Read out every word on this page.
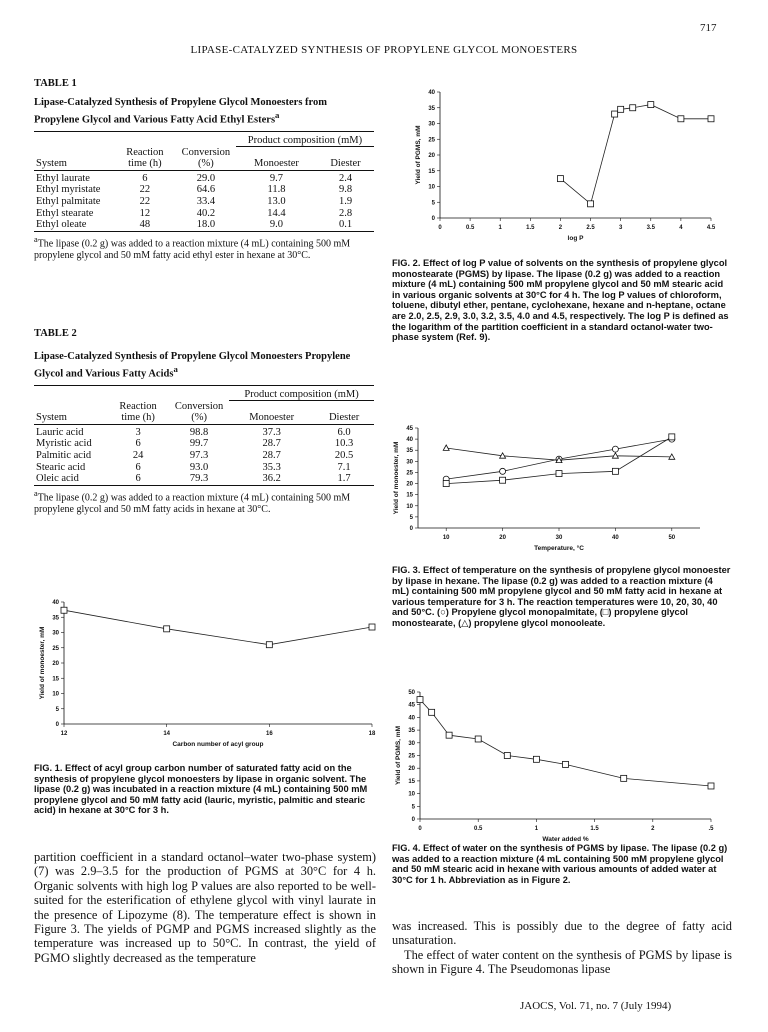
717
LIPASE-CATALYZED SYNTHESIS OF PROPYLENE GLYCOL MONOESTERS
TABLE 1
Lipase-Catalyzed Synthesis of Propylene Glycol Monoesters from Propylene Glycol and Various Fatty Acid Ethyl Esters$^a$
			Product composition (mM)	
System	Reaction time (h)	Conversion (%)	Monoester	Diester
Ethyl laurate	6	29.0	9.7	2.4
Ethyl myristate	22	64.6	11.8	9.8
Ethyl palmitate	22	33.4	13.0	1.9
Ethyl stearate	12	40.2	14.4	2.8
Ethyl oleate	48	18.0	9.0	0.1
$^a$The lipase (0.2 g) was added to a reaction mixture (4 mL) containing 500 mM propylene glycol and 50 mM fatty acid ethyl ester in hexane at 30°C.
TABLE 2
Lipase-Catalyzed Synthesis of Propylene Glycol Monoesters Propylene Glycol and Various Fatty Acids$^a$
			Product composition (mM)	
System	Reaction time (h)	Conversion (%)	Monoester	Diester
Lauric acid	3	98.8	37.3	6.0
Myristic acid	6	99.7	28.7	10.3
Palmitic acid	24	97.3	28.7	20.5
Stearic acid	6	93.0	35.3	7.1
Oleic acid	6	79.3	36.2	1.7
$^a$The lipase (0.2 g) was added to a reaction mixture (4 mL) containing 500 mM propylene glycol and 50 mM fatty acids in hexane at 30°C.
0
5
10
15
20
25
30
35
40
12	14	16	18
Carbon number of acyl group
Yield of monoester, mM
FIG. 1. Effect of acyl group carbon number of saturated fatty acid on the synthesis of propylene glycol monoesters by lipase in organic solvent. The lipase (0.2 g) was incubated in a reaction mixture (4 mL) containing 500 mM propylene glycol and 50 mM fatty acid (lauric, myristic, palmitic and stearic acid) in hexane at 30°C for 3 h.
0
5
10
15
20
25
30
35
40
0	0.5	1	1.5	2	2.5	3	3.5	4	4.5
log P
Yield of PGMS, mM
FIG. 2. Effect of log P value of solvents on the synthesis of propylene glycol monostearate (PGMS) by lipase. The lipase (0.2 g) was added to a reaction mixture (4 mL) containing 500 mM propylene glycol and 50 mM stearic acid in various organic solvents at 30°C for 4 h. The log P values of chloroform, toluene, dibutyl ether, pentane, cyclohexane, hexane and n-heptane, octane are 2.0, 2.5, 2.9, 3.0, 3.2, 3.5, 4.0 and 4.5, respectively. The log P is defined as the logarithm of the partition coefficient in a standard octanol-water two-phase system (Ref. 9).
0
5
10
15
20
25
30
35
40
45
10	20	30	40	50
Temperature, °C
Yield of monoester, mM
FIG. 3. Effect of temperature on the synthesis of propylene glycol monoester by lipase in hexane. The lipase (0.2 g) was added to a reaction mixture (4 mL) containing 500 mM propylene glycol and 50 mM fatty acid in hexane at various temperature for 3 h. The reaction temperatures were 10, 20, 30, 40 and 50°C. (○) Propylene glycol monopalmitate, (□) propylene glycol monostearate, (△) propylene glycol monooleate.
0
5
10
15
20
25
30
35
40
45
50
0	0.5	1	1.5	2	.5
Water added %
Yield of PGMS, mM
FIG. 4. Effect of water on the synthesis of PGMS by lipase. The lipase (0.2 g) was added to a reaction mixture (4 mL containing 500 mM propylene glycol and 50 mM stearic acid in hexane with various amounts of added water at 30°C for 1 h. Abbreviation as in Figure 2.
partition coefficient in a standard octanol–water two-phase system) (7) was 2.9–3.5 for the production of PGMS at 30°C for 4 h. Organic solvents with high log P values are also reported to be well-suited for the esterification of ethylene glycol with vinyl laurate in the presence of Lipozyme (8). The temperature effect is shown in Figure 3. The yields of PGMP and PGMS increased slightly as the temperature was increased up to 50°C. In contrast, the yield of PGMO slightly decreased as the temperature
was increased. This is possibly due to the degree of fatty acid unsaturation.
The effect of water content on the synthesis of PGMS by lipase is shown in Figure 4. The Pseudomonas lipase
JAOCS, Vol. 71, no. 7 (July 1994)
